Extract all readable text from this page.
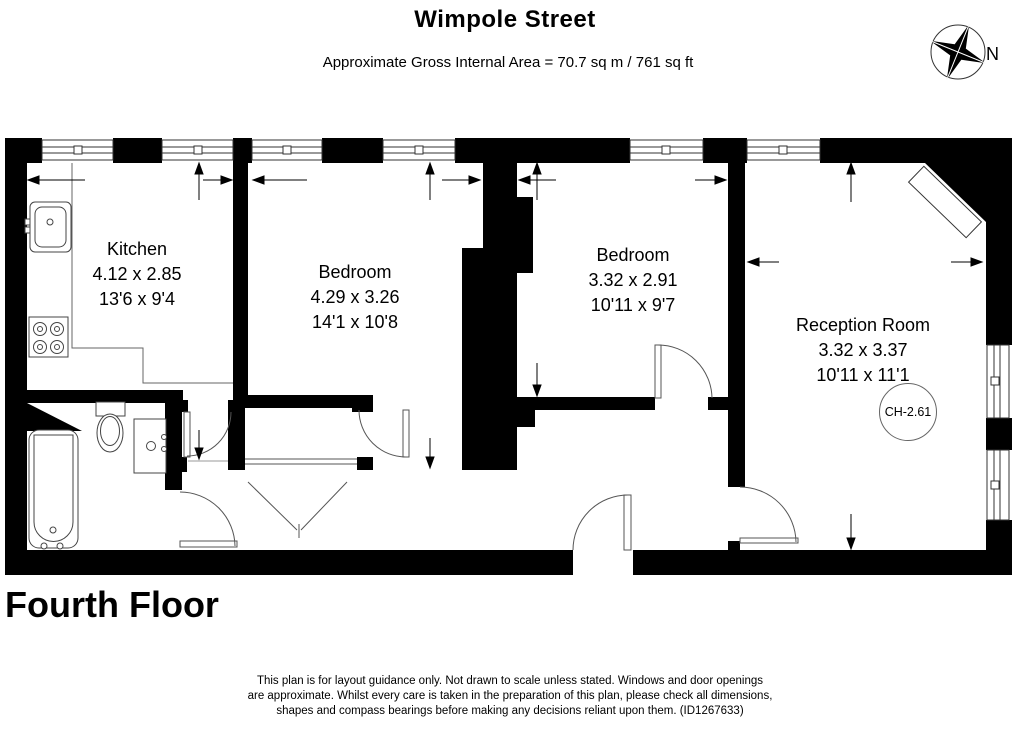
Wimpole Street
Approximate Gross Internal Area = 70.7 sq m / 761 sq ft	N
Kitchen
4.12 x 2.85
13'6 x 9'4
Bedroom
4.29 x 3.26
14'1 x 10'8
Bedroom
3.32 x 2.91
10'11 x 9'7
Reception Room
3.32 x 3.37
10'11 x 11'1
CH-2.61
Fourth Floor
This plan is for layout guidance only. Not drawn to scale unless stated. Windows and door openings
are approximate. Whilst every care is taken in the preparation of this plan, please check all dimensions,
shapes and compass bearings before making any decisions reliant upon them. (ID1267633)
